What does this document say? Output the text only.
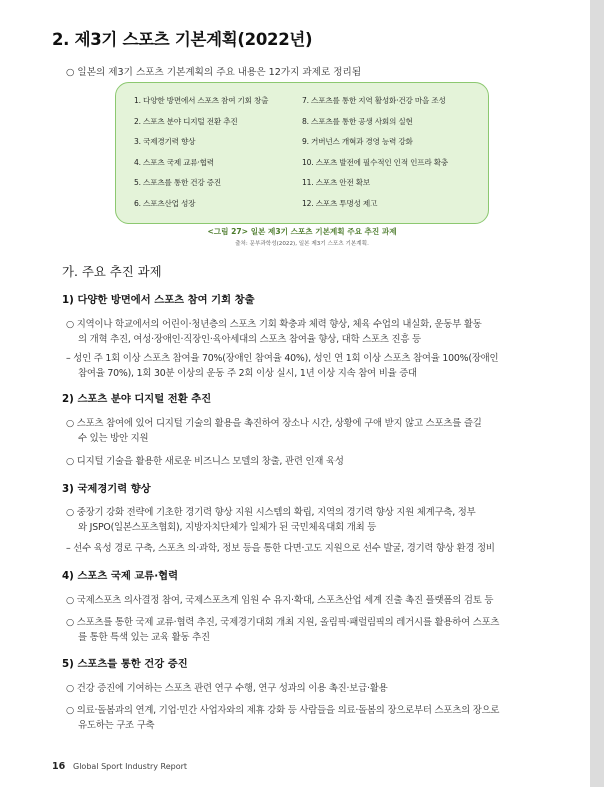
2. 제3기 스포츠 기본계획(2022년)
○ 일본의 제3기 스포츠 기본계획의 주요 내용은 12가지 과제로 정리됨
1. 다양한 방면에서 스포츠 참여 기회 창출
2. 스포츠 분야 디지털 전환 추진
3. 국제경기력 향상
4. 스포츠 국제 교류·협력
5. 스포츠를 통한 건강 증진
6. 스포츠산업 성장
7. 스포츠를 통한 지역 활성화·건강 마을 조성
8. 스포츠를 통한 공생 사회의 실현
9. 거버넌스 개혁과 경영 능력 강화
10. 스포츠 발전에 필수적인 인적 인프라 확충
11. 스포츠 안전 확보
12. 스포츠 투명성 제고
<그림 27> 일본 제3기 스포츠 기본계획 주요 추진 과제
출처: 문부과학성(2022), 일본 제3기 스포츠 기본계획.
가. 주요 추진 과제
1) 다양한 방면에서 스포츠 참여 기회 창출
○ 지역이나 학교에서의 어린이·청년층의 스포츠 기회 확충과 체력 향상, 체육 수업의 내실화, 운동부 활동
의 개혁 추진, 여성·장애인·직장인·육아세대의 스포츠 참여율 향상, 대학 스포츠 진흥 등
– 성인 주 1회 이상 스포츠 참여율 70%(장애인 참여율 40%), 성인 연 1회 이상 스포츠 참여율 100%(장애인
참여율 70%), 1회 30분 이상의 운동 주 2회 이상 실시, 1년 이상 지속 참여 비율 증대
2) 스포츠 분야 디지털 전환 추진
○ 스포츠 참여에 있어 디지털 기술의 활용을 촉진하여 장소나 시간, 상황에 구애 받지 않고 스포츠를 즐길
수 있는 방안 지원
○ 디지털 기술을 활용한 새로운 비즈니스 모델의 창출, 관련 인재 육성
3) 국제경기력 향상
○ 중장기 강화 전략에 기초한 경기력 향상 지원 시스템의 확립, 지역의 경기력 향상 지원 체계구축, 정부
와 JSPO(일본스포츠협회), 지방자치단체가 일체가 된 국민체육대회 개최 등
– 선수 육성 경로 구축, 스포츠 의·과학, 정보 등을 통한 다면·고도 지원으로 선수 발굴, 경기력 향상 환경 정비
4) 스포츠 국제 교류·협력
○ 국제스포츠 의사결정 참여, 국제스포츠계 임원 수 유지·확대, 스포츠산업 세계 진출 촉진 플랫폼의 검토 등
○ 스포츠를 통한 국제 교류·협력 추진, 국제경기대회 개최 지원, 올림픽·패럴림픽의 레거시를 활용하여 스포츠
를 통한 특색 있는 교육 활동 추진
5) 스포츠를 통한 건강 증진
○ 건강 증진에 기여하는 스포츠 관련 연구 수행, 연구 성과의 이용 촉진·보급·활용
○ 의료·돌봄과의 연계, 기업·민간 사업자와의 제휴 강화 등 사람들을 의료·돌봄의 장으로부터 스포츠의 장으로
유도하는 구조 구축
16 Global Sport Industry Report
